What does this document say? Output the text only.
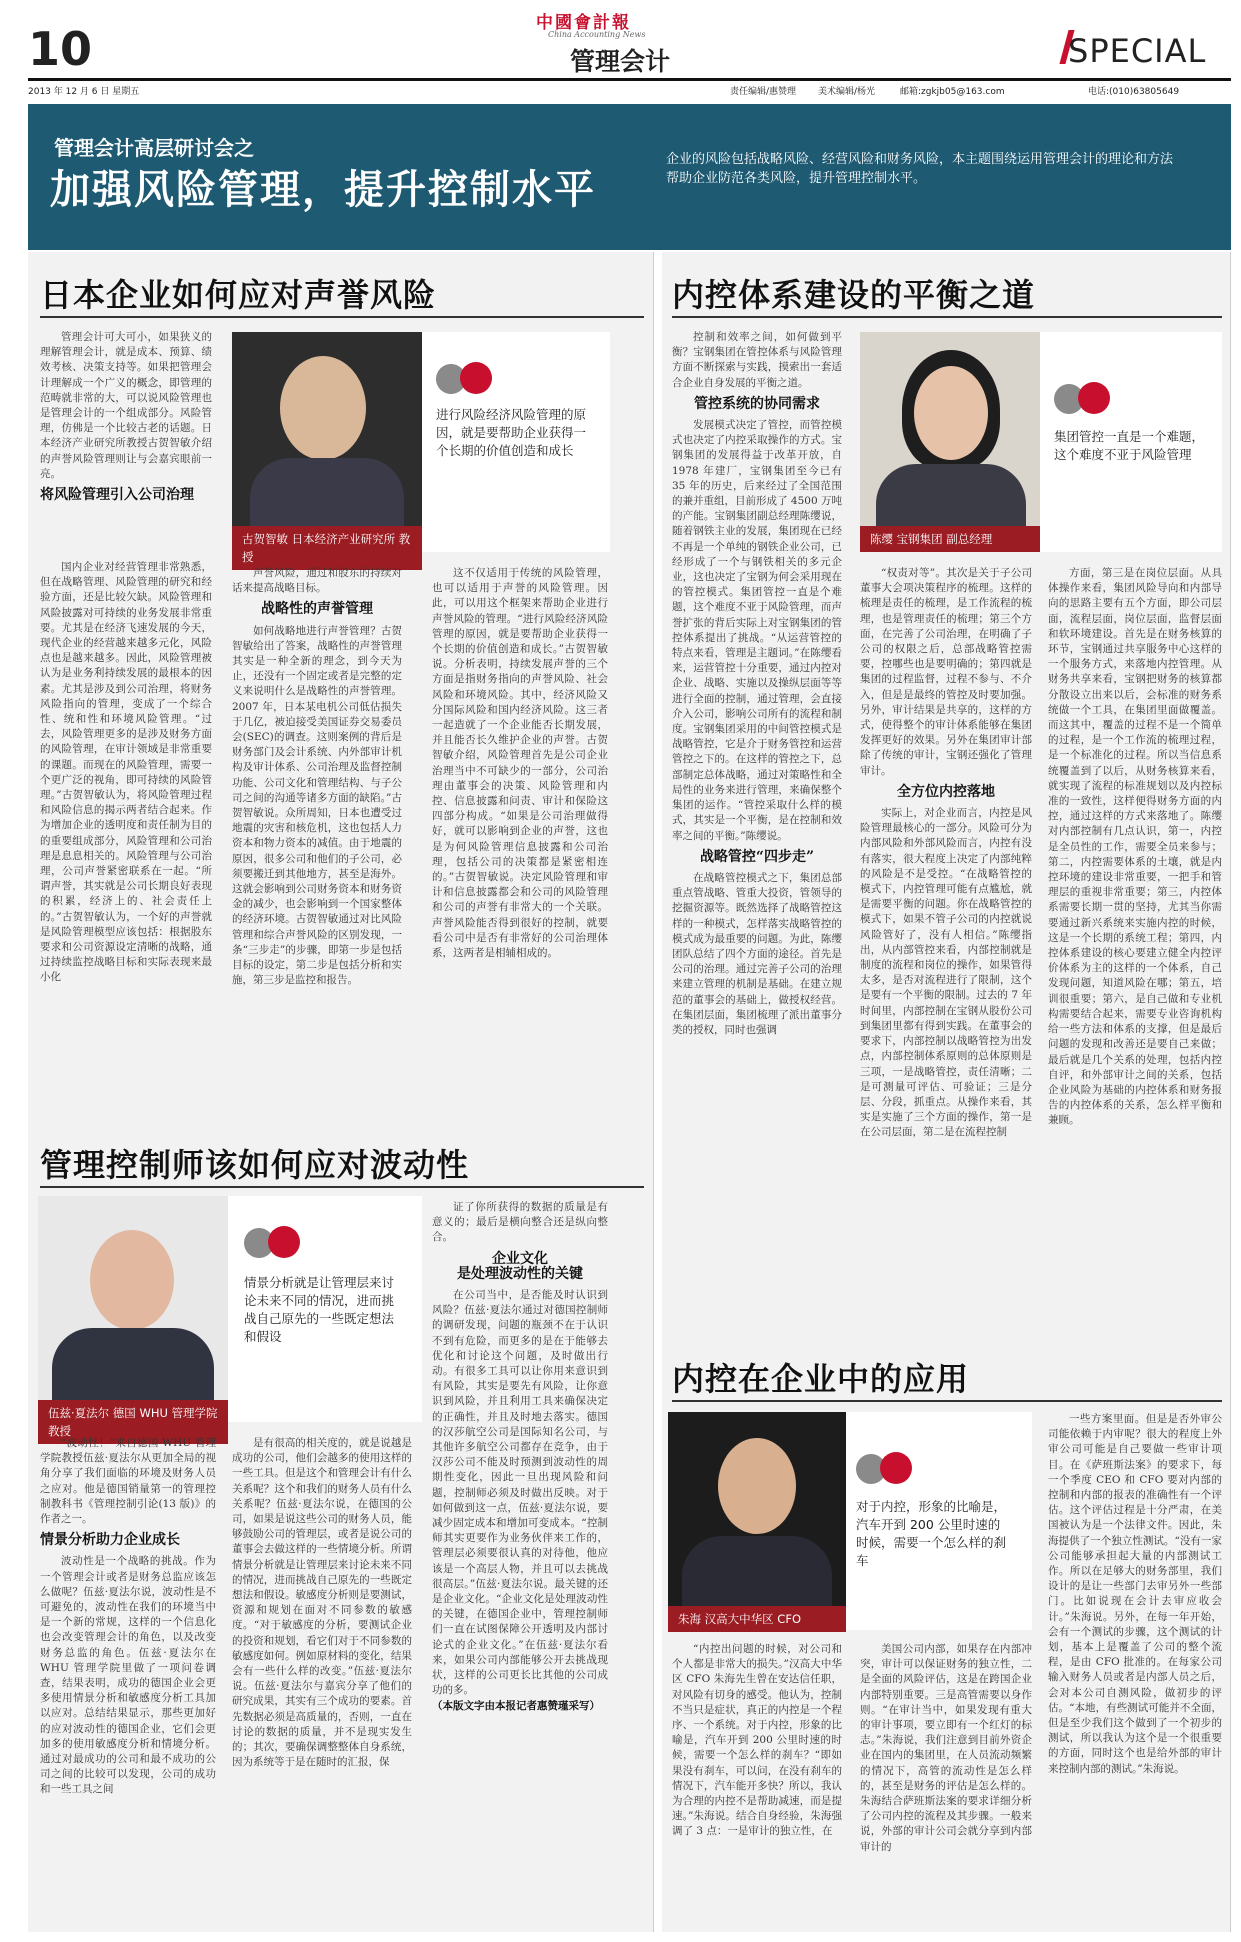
中國會計報
China Accounting News
10	管理会计	SPECIAL
2013 年 12 月 6 日 星期五	责任编辑/惠赞理 美术编辑/杨光	邮箱:zgkjb05@163.com	电话:(010)63805649
管理会计高层研讨会之
加强风险管理，提升控制水平
企业的风险包括战略风险、经营风险和财务风险，本主题围绕运用管理会计的理论和方法帮助企业防范各类风险，提升管理控制水平。
日本企业如何应对声誉风险

管理会计可大可小，如果狭义的理解管理会计，就是成本、预算、绩效考核、决策支持等。如果把管理会计理解成一个广义的概念，即管理的范畴就非常的大，可以说风险管理也是管理会计的一个组成部分。风险管理，仿佛是一个比较古老的话题。日本经济产业研究所教授古贺智敏介绍的声誉风险管理则让与会嘉宾眼前一亮。

将风险管理引入公司治理

国内企业对经营管理非常熟悉，但在战略管理、风险管理的研究和经验方面，还是比较欠缺。风险管理和风险披露对可持续的业务发展非常重要。尤其是在经济飞速发展的今天，现代企业的经营越来越多元化，风险点也是越来越多。因此，风险管理被认为是业务利持续发展的最根本的因素。尤其是涉及到公司治理，将财务风险指向的管理，变成了一个综合性、统和性和环境风险管理。“过去，风险管理更多的是涉及财务方面的风险管理，在审计领域是非常重要的课题。而现在的风险管理，需要一个更广泛的视角，即可持续的风险管理。”古贺智敏认为，将风险管理过程和风险信息的揭示两者结合起来。作为增加企业的透明度和责任制为目的的重要组成部分，风险管理和公司治理是息息相关的。风险管理与公司治理，公司声誉紧密联系在一起。“所谓声誉，其实就是公司长期良好表现的积累，经济上的、社会责任上的。”古贺智敏认为，一个好的声誉就是风险管理模型应该包括：根据股东要求和公司资源设定清晰的战略，通过持续监控战略目标和实际表现来最小化

古贺智敏 日本经济产业研究所 教授
进行风险经济风险管理的原因，就是要帮助企业获得一个长期的价值创造和成长

声誉风险，通过和股东的持续对话来提高战略目标。

战略性的声誉管理

如何战略地进行声誉管理？古贺智敏给出了答案，战略性的声誉管理其实是一种全新的理念，到今天为止，还没有一个固定或者是完整的定义来说明什么是战略性的声誉管理。2007 年，日本某电机公司低估损失于几亿，被迫接受美国证券交易委员会(SEC)的调查。这则案例的背后是财务部门及会计系统、内外部审计机构及审计体系、公司治理及监督控制功能、公司文化和管理结构、与子公司之间的沟通等诸多方面的缺陷。”古贺智敏说。众所周知，日本也遭受过地震的灾害和核危机，这也包括人力资本和物力资本的减值。由于地震的原因，很多公司和他们的子公司，必须要搬迁到其他地方，甚至是海外。这就会影响到公司财务资本和财务资金的减少，也会影响到一个国家整体的经济环境。古贺智敏通过对比风险管理和综合声誉风险的区别发现，一条“三步走”的步骤，即第一步是包括目标的设定，第二步是包括分析和实施，第三步是监控和报告。

这不仅适用于传统的风险管理，也可以适用于声誉的风险管理。因此，可以用这个框架来帮助企业进行声誉风险的管理。“进行风险经济风险管理的原因，就是要帮助企业获得一个长期的价值创造和成长。”古贺智敏说。分析表明，持续发展声誉的三个方面是指财务指向的声誉风险、社会风险和环境风险。其中，经济风险又分国际风险和国内经济风险。这三者一起造就了一个企业能否长期发展，并且能否长久维护企业的声誉。古贺智敏介绍，风险管理首先是公司企业治理当中不可缺少的一部分，公司治理由董事会的决策、风险管理和内控、信息披露和问责、审计和保险这四部分构成。“如果是公司治理做得好，就可以影响到企业的声誉，这也是为何风险管理信息披露和公司治理，包括公司的决策都是紧密相连的。”古贺智敏说。决定风险管理和审计和信息披露都会和公司的风险管理和公司的声誉有非常大的一个关联。声誉风险能否得到很好的控制，就要看公司中是否有非常好的公司治理体系，这两者是相辅相成的。

管理控制师该如何应对波动性
伍兹·夏法尔 德国 WHU 管理学院 教授
情景分析就是让管理层来讨论未来不同的情况，进而挑战自己原先的一些既定想法和假设

“波动性！”来自德国 WHU 管理学院教授伍兹·夏法尔从更加全局的视角分享了我们面临的环境及财务人员之应对。他是德国销量第一的管理控制教科书《管理控制引论(13 版)》的作者之一。

情景分析助力企业成长

波动性是一个战略的挑战。作为一个管理会计或者是财务总监应该怎么做呢？伍兹·夏法尔说，波动性是不可避免的，波动性在我们的环境当中是一个新的常规，这样的一个信息化也会改变管理会计的角色，以及改变财务总监的角色。伍兹·夏法尔在 WHU 管理学院里做了一项问卷调查，结果表明，成功的德国企业会更多使用情景分析和敏感度分析工具加以应对。总结结果显示，那些更加好的应对波动性的德国企业，它们会更加多的使用敏感度分析和情境分析。通过对最成功的公司和最不成功的公司之间的比较可以发现，公司的成功和一些工具之间

是有很高的相关度的，就是说越是成功的公司，他们会越多的使用这样的一些工具。但是这个和管理会计有什么关系呢？这个和我们的财务人员有什么关系呢？伍兹·夏法尔说，在德国的公司，如果是说这些公司的财务人员，能够鼓励公司的管理层，或者是说公司的董事会去做这样的一些情境分析。所谓情景分析就是让管理层来讨论未来不同的情况，进而挑战自己原先的一些既定想法和假设。敏感度分析则是要测试，资源和规划在面对不同参数的敏感度。“对于敏感度的分析，要测试企业的投资和规划，看它们对于不同参数的敏感度如何。例如原材料的变化，结果会有一些什么样的改变。”伍兹·夏法尔说。伍兹·夏法尔与嘉宾分享了他们的研究成果，其实有三个成功的要素。首先数据必须是高质量的，否则，一直在讨论的数据的质量，并不是现实发生的；其次，要确保调整整体自身系统，因为系统等于是在随时的汇报，保

证了你所获得的数据的质量是有意义的；最后是横向整合还是纵向整合。

企业文化
是处理波动性的关键

在公司当中，是否能及时认识到风险？伍兹·夏法尔通过对德国控制师的调研发现，问题的瓶颈不在于认识不到有危险，而更多的是在于能够去优化和讨论这个问题，及时做出行动。有很多工具可以让你用来意识到有风险，其实是要先有风险，让你意识到风险，并且利用工具来确保决定的正确性，并且及时地去落实。德国的汉莎航空公司是国际知名公司，与其他许多航空公司都存在竞争，由于汉莎公司不能及时预测到波动性的周期性变化，因此一旦出现风险和问题，控制师必须及时做出反映。对于如何做到这一点，伍兹·夏法尔说，要减少固定成本和增加可变成本。“控制师其实更要作为业务伙伴来工作的，管理层必须要很认真的对待他，他应该是一个高层人物，并且可以去挑战很高层。”伍兹·夏法尔说。最关键的还是企业文化。“企业文化是处理波动性的关键，在德国企业中，管理控制师们一直在试图保障公开透明及内部讨论式的企业文化。”在伍兹·夏法尔看来，如果公司内部能够公开去挑战现状，这样的公司更长比其他的公司成功的多。

（本版文字由本报记者惠赞瑾采写）

内控体系建设的平衡之道

控制和效率之间，如何做到平衡？宝钢集团在管控体系与风险管理方面不断探索与实践，摸索出一套适合企业自身发展的平衡之道。

管控系统的协同需求

发展模式决定了管控，而管控模式也决定了内控采取操作的方式。宝钢集团的发展得益于改革开放，自 1978 年建厂，宝钢集团至今已有 35 年的历史，后来经过了全国范围的兼并重组，目前形成了 4500 万吨的产能。宝钢集团副总经理陈缨说，随着钢铁主业的发展，集团现在已经不再是一个单纯的钢铁企业公司，已经形成了一个与钢铁相关的多元企业，这也决定了宝钢为何会采用现在的管控模式。集团管控一直是个难题，这个难度不亚于风险管理，而声誉扩张的背后实际上对宝钢集团的管控体系提出了挑战。“从运营管控的特点来看，管理是主题词。”在陈缨看来，运营管控十分重要，通过内控对企业、战略、实施以及操纵层面等等进行全面的控制，通过管理，会直接介入公司，影响公司所有的流程和制度。宝钢集团采用的中间管控模式是战略管控，它是介于财务管控和运营管控之下的。在这样的管控之下，总部制定总体战略，通过对策略性和全局性的业务来进行管理，来确保整个集团的运作。“管控采取什么样的模式，其实是一个平衡，是在控制和效率之间的平衡。”陈缨说。

战略管控“四步走”

在战略管控模式之下，集团总部重点管战略、管重大投资，管领导的挖掘资源等。既然选择了战略管控这样的一种模式，怎样落实战略管控的模式成为最重要的问题。为此，陈缨团队总结了四个方面的途径。首先是公司的治理。通过完善子公司的治理来建立管理的机制是基础。在建立规范的董事会的基础上，做授权经营。在集团层面，集团梳理了派出董事分类的授权，同时也强调

陈缨 宝钢集团 副总经理
集团管控一直是一个难题，这个难度不亚于风险管理

“权责对等”。其次是关于子公司董事大会项决策程序的梳理。这样的梳理是责任的梳理，是工作流程的梳理，也是管理责任的梳理；第三个方面，在完善了公司治理，在明确了子公司的权限之后，总部战略管控需要，控哪些也是要明确的；第四就是集团的过程监督，过程不参与、不介入，但是是最终的管控及时要加强。另外，审计结果是共享的，这样的方式，使得整个的审计体系能够在集团发挥更好的效果。另外在集团审计部除了传统的审计，宝钢还强化了管理审计。

全方位内控落地

实际上，对企业而言，内控是风险管理最核心的一部分。风险可分为内部风险和外部风险而言，内控有没有落实，很大程度上决定了内部纯粹的风险是不是受控。“在战略管控的模式下，内控管理可能有点尴尬，就是需要平衡的问题。你在战略管控的模式下，如果不管子公司的内控就说风险管好了，没有人相信。”陈缨指出，从内部管控来看，内部控制就是制度的流程和岗位的操作，如果管得太多，是否对流程进行了限制，这个是要有一个平衡的限制。过去的 7 年时间里，内部控制在宝钢从股份公司到集团里都有得到实践。在董事会的要求下，内部控制以战略管控为出发点，内部控制体系原则的总体原则是三项，一是战略管控，责任清晰；二是可测量可评估、可验证；三是分层、分段，抓重点。从操作来看，其实是实施了三个方面的操作，第一是在公司层面，第二是在流程控制

方面，第三是在岗位层面。从具体操作来看，集团风险导向和内部导向的思路主要有五个方面，即公司层面，流程层面，岗位层面，监督层面和软环境建设。首先是在财务核算的环节，宝钢通过共享服务中心这样的一个服务方式，来落地内控管理。从财务共享来看，宝钢把财务的核算都分散设立出来以后，会标准的财务系统做一个工具，在集团里面做覆盖。而这其中，覆盖的过程不是一个简单的过程，是一个工作流的梳理过程，是一个标准化的过程。所以当信息系统覆盖到了以后，从财务核算来看，就实现了流程的标准规划以及内控标准的一致性，这样便得财务方面的内控，通过这样的方式来落地了。陈缨对内部控制有几点认识，第一，内控是全员性的工作，需要全员来参与；第二，内控需要体系的土壤，就是内控环境的建设非常重要，一把手和管理层的重视非常重要；第三，内控体系需要长期一贯的坚持，尤其当你需要通过新兴系统来实施内控的时候，这是一个长期的系统工程；第四，内控体系建设的核心要建立健全内控评价体系为主的这样的一个体系，自己发现问题，知道风险在哪；第五，培训很重要；第六，是自己做和专业机构需要结合起来，需要专业咨询机构给一些方法和体系的支撑，但是最后问题的发现和改善还是要自己来做；最后就是几个关系的处理，包括内控自评，和外部审计之间的关系，包括企业风险为基础的内控体系和财务报告的内控体系的关系，怎么样平衡和兼顾。

内控在企业中的应用
朱海 汉高大中华区 CFO
对于内控，形象的比喻是，汽车开到 200 公里时速的时候，需要一个怎么样的刹车

“内控出问题的时候，对公司和个人都是非常大的损失。”汉高大中华区 CFO 朱海先生曾在安达信任职，对风险有切身的感受。他认为，控制不当只是症状，真正的内控是一个程序、一个系统。对于内控，形象的比喻是，汽车开到 200 公里时速的时候，需要一个怎么样的刹车？“即如果没有刹车，可以问，在没有刹车的情况下，汽车能开多快？所以，我认为合理的内控不是帮助减速，而是提速。”朱海说。结合自身经验，朱海强调了 3 点：一是审计的独立性，在

美国公司内部，如果存在内部冲突，审计可以保证财务的独立性，二是全面的风险评估，这是在跨国企业内部特别重要。三是高管需要以身作则。“在审计当中，如果发现有重大的审计事项，要立即有一个红灯的标志。”朱海说，我们注意到目前外资企业在国内的集团里，在人员流动频繁的情况下，高管的流动性是怎么样的，甚至是财务的评估是怎么样的。朱海结合萨班斯法案的要求详细分析了公司内控的流程及其步骤。一般来说，外部的审计公司会就分享到内部审计的

一些方案里面。但是是否外审公司能依赖于内审呢？很大的程度上外审公司可能是自己要做一些审计项目。在《萨班斯法案》的要求下，每一个季度 CEO 和 CFO 要对内部的控制和内部的报表的准确性有一个评估。这个评估过程是十分严肃，在美国被认为是一个法律文件。因此，朱海提供了一个独立性测试。“没有一家公司能够承担起大量的内部测试工作。所以在足够大的财务部里，我们设计的是让一些部门去审另外一些部门。比如说现在会计去审应收会计。”朱海说。另外，在每一年开始，会有一个测试的步骤，这个测试的计划，基本上是覆盖了公司的整个流程，是由 CFO 批准的。在每家公司输入财务人员或者是内部人员之后，会对本公司自测风险，做初步的评估。“本地，有些测试可能并不全面，但是至少我们这个做到了一个初步的测试，所以我认为这个是一个很重要的方面，同时这个也是给外部的审计来控制内部的测试。”朱海说。
